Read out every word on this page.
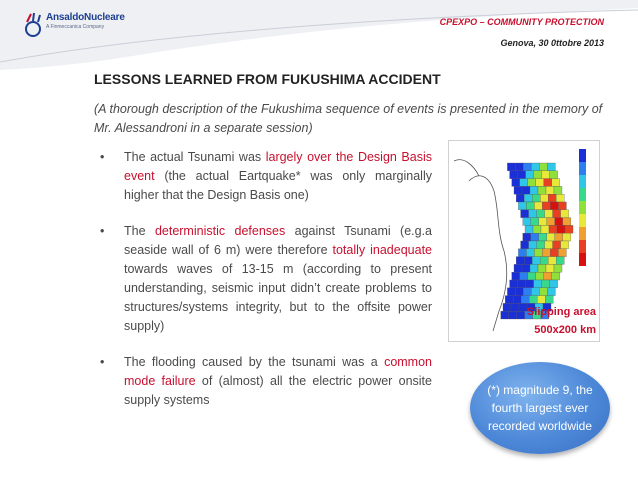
AnsaldoNucleare
A Finmeccanica Company	CPEXPO – COMMUNITY PROTECTION
Genova, 30 0ttobre 2013
LESSONS LEARNED FROM FUKUSHIMA ACCIDENT
(A thorough description of the Fukushima sequence of events is presented in the memory of Mr. Alessandroni in a separate session)
• The actual Tsunami was largely over the Design Basis event (the actual Eartquake* was only marginally higher that the Design Basis one)
• The deterministic defenses against Tsunami (e.g.a seaside wall of 6 m) were therefore totally inadequate towards waves of 13-15 m (according to present understanding, seismic input didn’t create problems to structures/systems integrity, but to the offsite power supply)
• The flooding caused by the tsunami was a common mode failure of (almost) all the electric power onsite supply systems
Slipping area
500x200 km
(*) magnitude 9, the fourth largest ever recorded worldwide
